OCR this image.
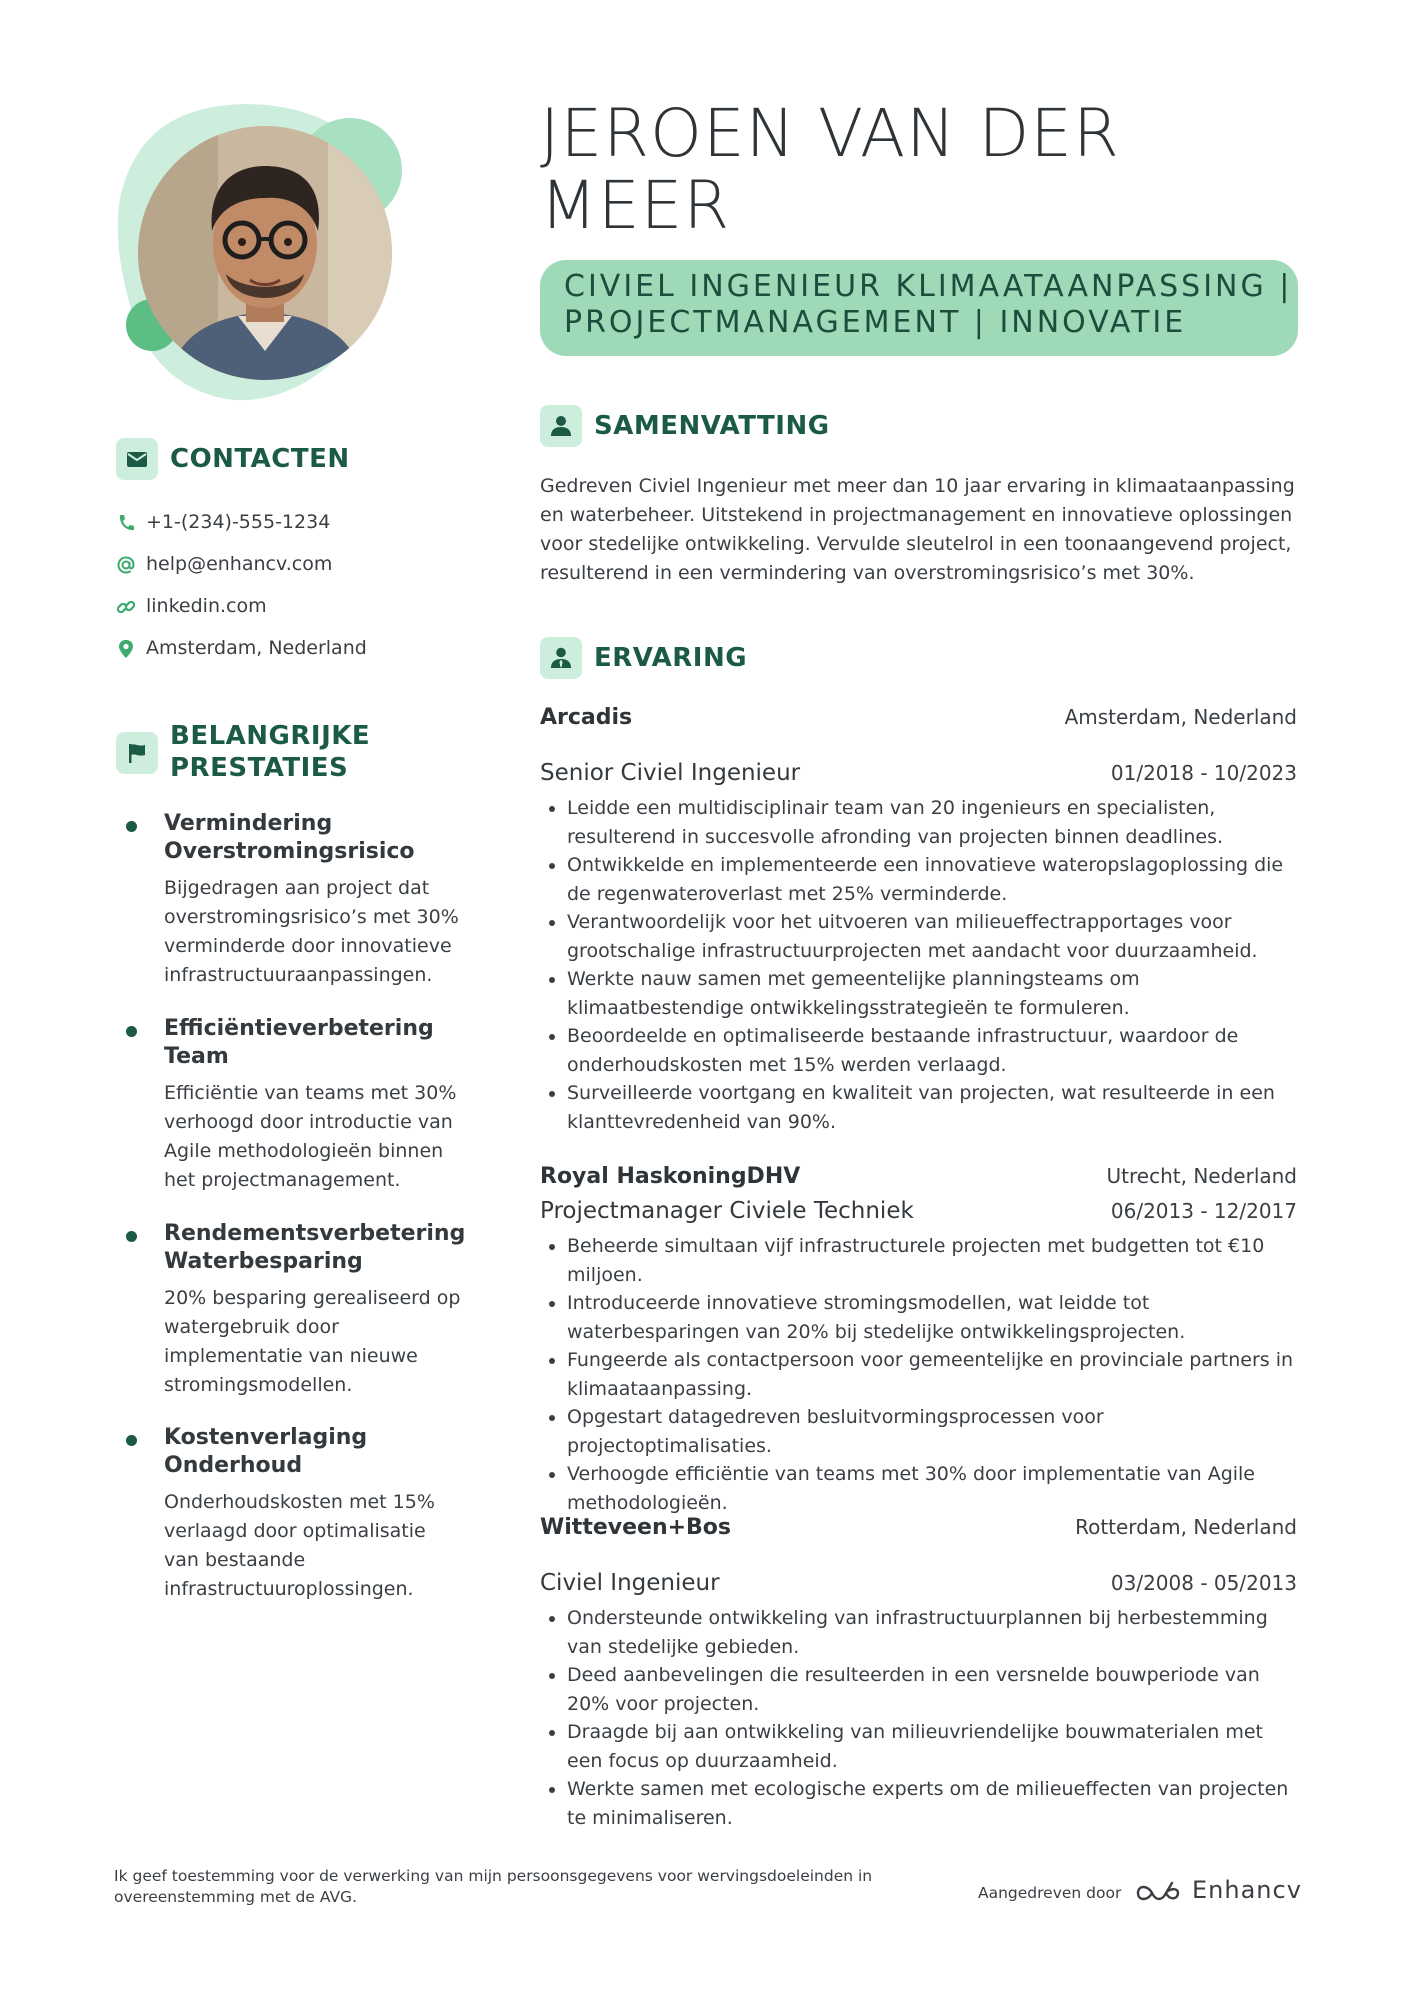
JEROEN VAN DER MEER
CIVIEL INGENIEUR KLIMAATAANPASSING | PROJECTMANAGEMENT | INNOVATIE
CONTACTEN
+1-(234)-555-1234
help@enhancv.com
linkedin.com
Amsterdam, Nederland
BELANGRIJKE PRESTATIES

Vermindering Overstromingsrisico

Bijgedragen aan project dat overstromingsrisico’s met 30% verminderde door innovatieve infrastructuuraanpassingen.

Efficiëntieverbetering Team

Efficiëntie van teams met 30% verhoogd door introductie van Agile methodologieën binnen het projectmanagement.

Rendementsverbetering Waterbesparing

20% besparing gerealiseerd op watergebruik door implementatie van nieuwe stromingsmodellen.

Kostenverlaging Onderhoud

Onderhoudskosten met 15% verlaagd door optimalisatie van bestaande infrastructuuroplossingen.

SAMENVATTING

Gedreven Civiel Ingenieur met meer dan 10 jaar ervaring in klimaataanpassing en waterbeheer. Uitstekend in projectmanagement en innovatieve oplossingen voor stedelijke ontwikkeling. Vervulde sleutelrol in een toonaangevend project, resulterend in een vermindering van overstromingsrisico’s met 30%.

ERVARING
Arcadis	Amsterdam, Nederland
Senior Civiel Ingenieur	01/2018 - 10/2023
Leidde een multidisciplinair team van 20 ingenieurs en specialisten, resulterend in succesvolle afronding van projecten binnen deadlines.
Ontwikkelde en implementeerde een innovatieve wateropslagoplossing die de regenwateroverlast met 25% verminderde.
Verantwoordelijk voor het uitvoeren van milieueffectrapportages voor grootschalige infrastructuurprojecten met aandacht voor duurzaamheid.
Werkte nauw samen met gemeentelijke planningsteams om klimaatbestendige ontwikkelingsstrategieën te formuleren.
Beoordeelde en optimaliseerde bestaande infrastructuur, waardoor de onderhoudskosten met 15% werden verlaagd.
Surveilleerde voortgang en kwaliteit van projecten, wat resulteerde in een klanttevredenheid van 90%.
Royal HaskoningDHV	Utrecht, Nederland
Projectmanager Civiele Techniek	06/2013 - 12/2017
Beheerde simultaan vijf infrastructurele projecten met budgetten tot €10 miljoen.
Introduceerde innovatieve stromingsmodellen, wat leidde tot waterbesparingen van 20% bij stedelijke ontwikkelingsprojecten.
Fungeerde als contactpersoon voor gemeentelijke en provinciale partners in klimaataanpassing.
Opgestart datagedreven besluitvormingsprocessen voor projectoptimalisaties.
Verhoogde efficiëntie van teams met 30% door implementatie van Agile methodologieën.
Witteveen+Bos	Rotterdam, Nederland
Civiel Ingenieur	03/2008 - 05/2013
Ondersteunde ontwikkeling van infrastructuurplannen bij herbestemming van stedelijke gebieden.
Deed aanbevelingen die resulteerden in een versnelde bouwperiode van 20% voor projecten.
Draagde bij aan ontwikkeling van milieuvriendelijke bouwmaterialen met een focus op duurzaamheid.
Werkte samen met ecologische experts om de milieueffecten van projecten te minimaliseren.

Ik geef toestemming voor de verwerking van mijn persoonsgegevens voor wervingsdoeleinden in overeenstemming met de AVG.	Aangedreven door	Enhancv
